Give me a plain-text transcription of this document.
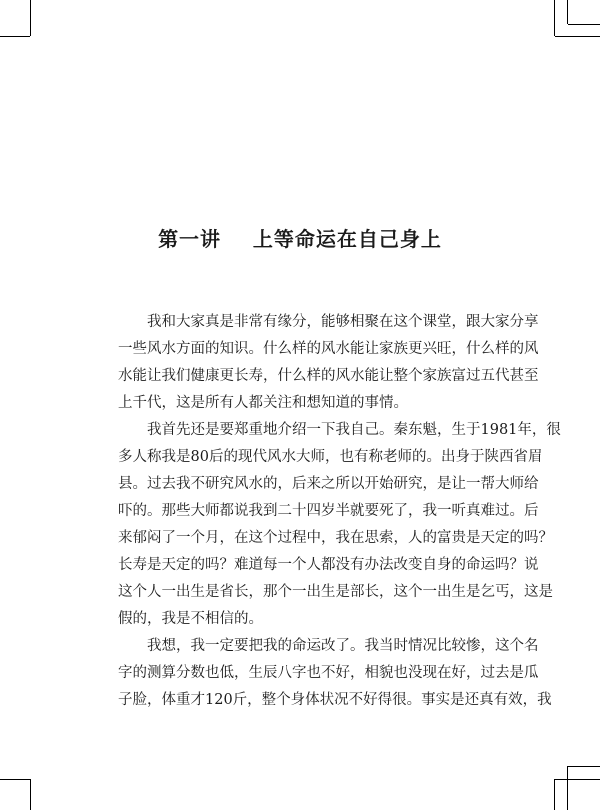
第一讲    上等命运在自己身上

我和大家真是非常有缘分，能够相聚在这个课堂，跟大家分享
一些风水方面的知识。什么样的风水能让家族更兴旺，什么样的风
水能让我们健康更长寿，什么样的风水能让整个家族富过五代甚至
上千代，这是所有人都关注和想知道的事情。

我首先还是要郑重地介绍一下我自己。秦东魁，生于1981年，很
多人称我是80后的现代风水大师，也有称老师的。出身于陕西省眉
县。过去我不研究风水的，后来之所以开始研究，是让一帮大师给
吓的。那些大师都说我到二十四岁半就要死了，我一听真难过。后
来郁闷了一个月，在这个过程中，我在思索，人的富贵是天定的吗？
长寿是天定的吗？难道每一个人都没有办法改变自身的命运吗？说
这个人一出生是省长，那个一出生是部长，这个一出生是乞丐，这是
假的，我是不相信的。

我想，我一定要把我的命运改了。我当时情况比较惨，这个名
字的测算分数也低，生辰八字也不好，相貌也没现在好，过去是瓜
子脸，体重才120斤，整个身体状况不好得很。事实是还真有效，我
